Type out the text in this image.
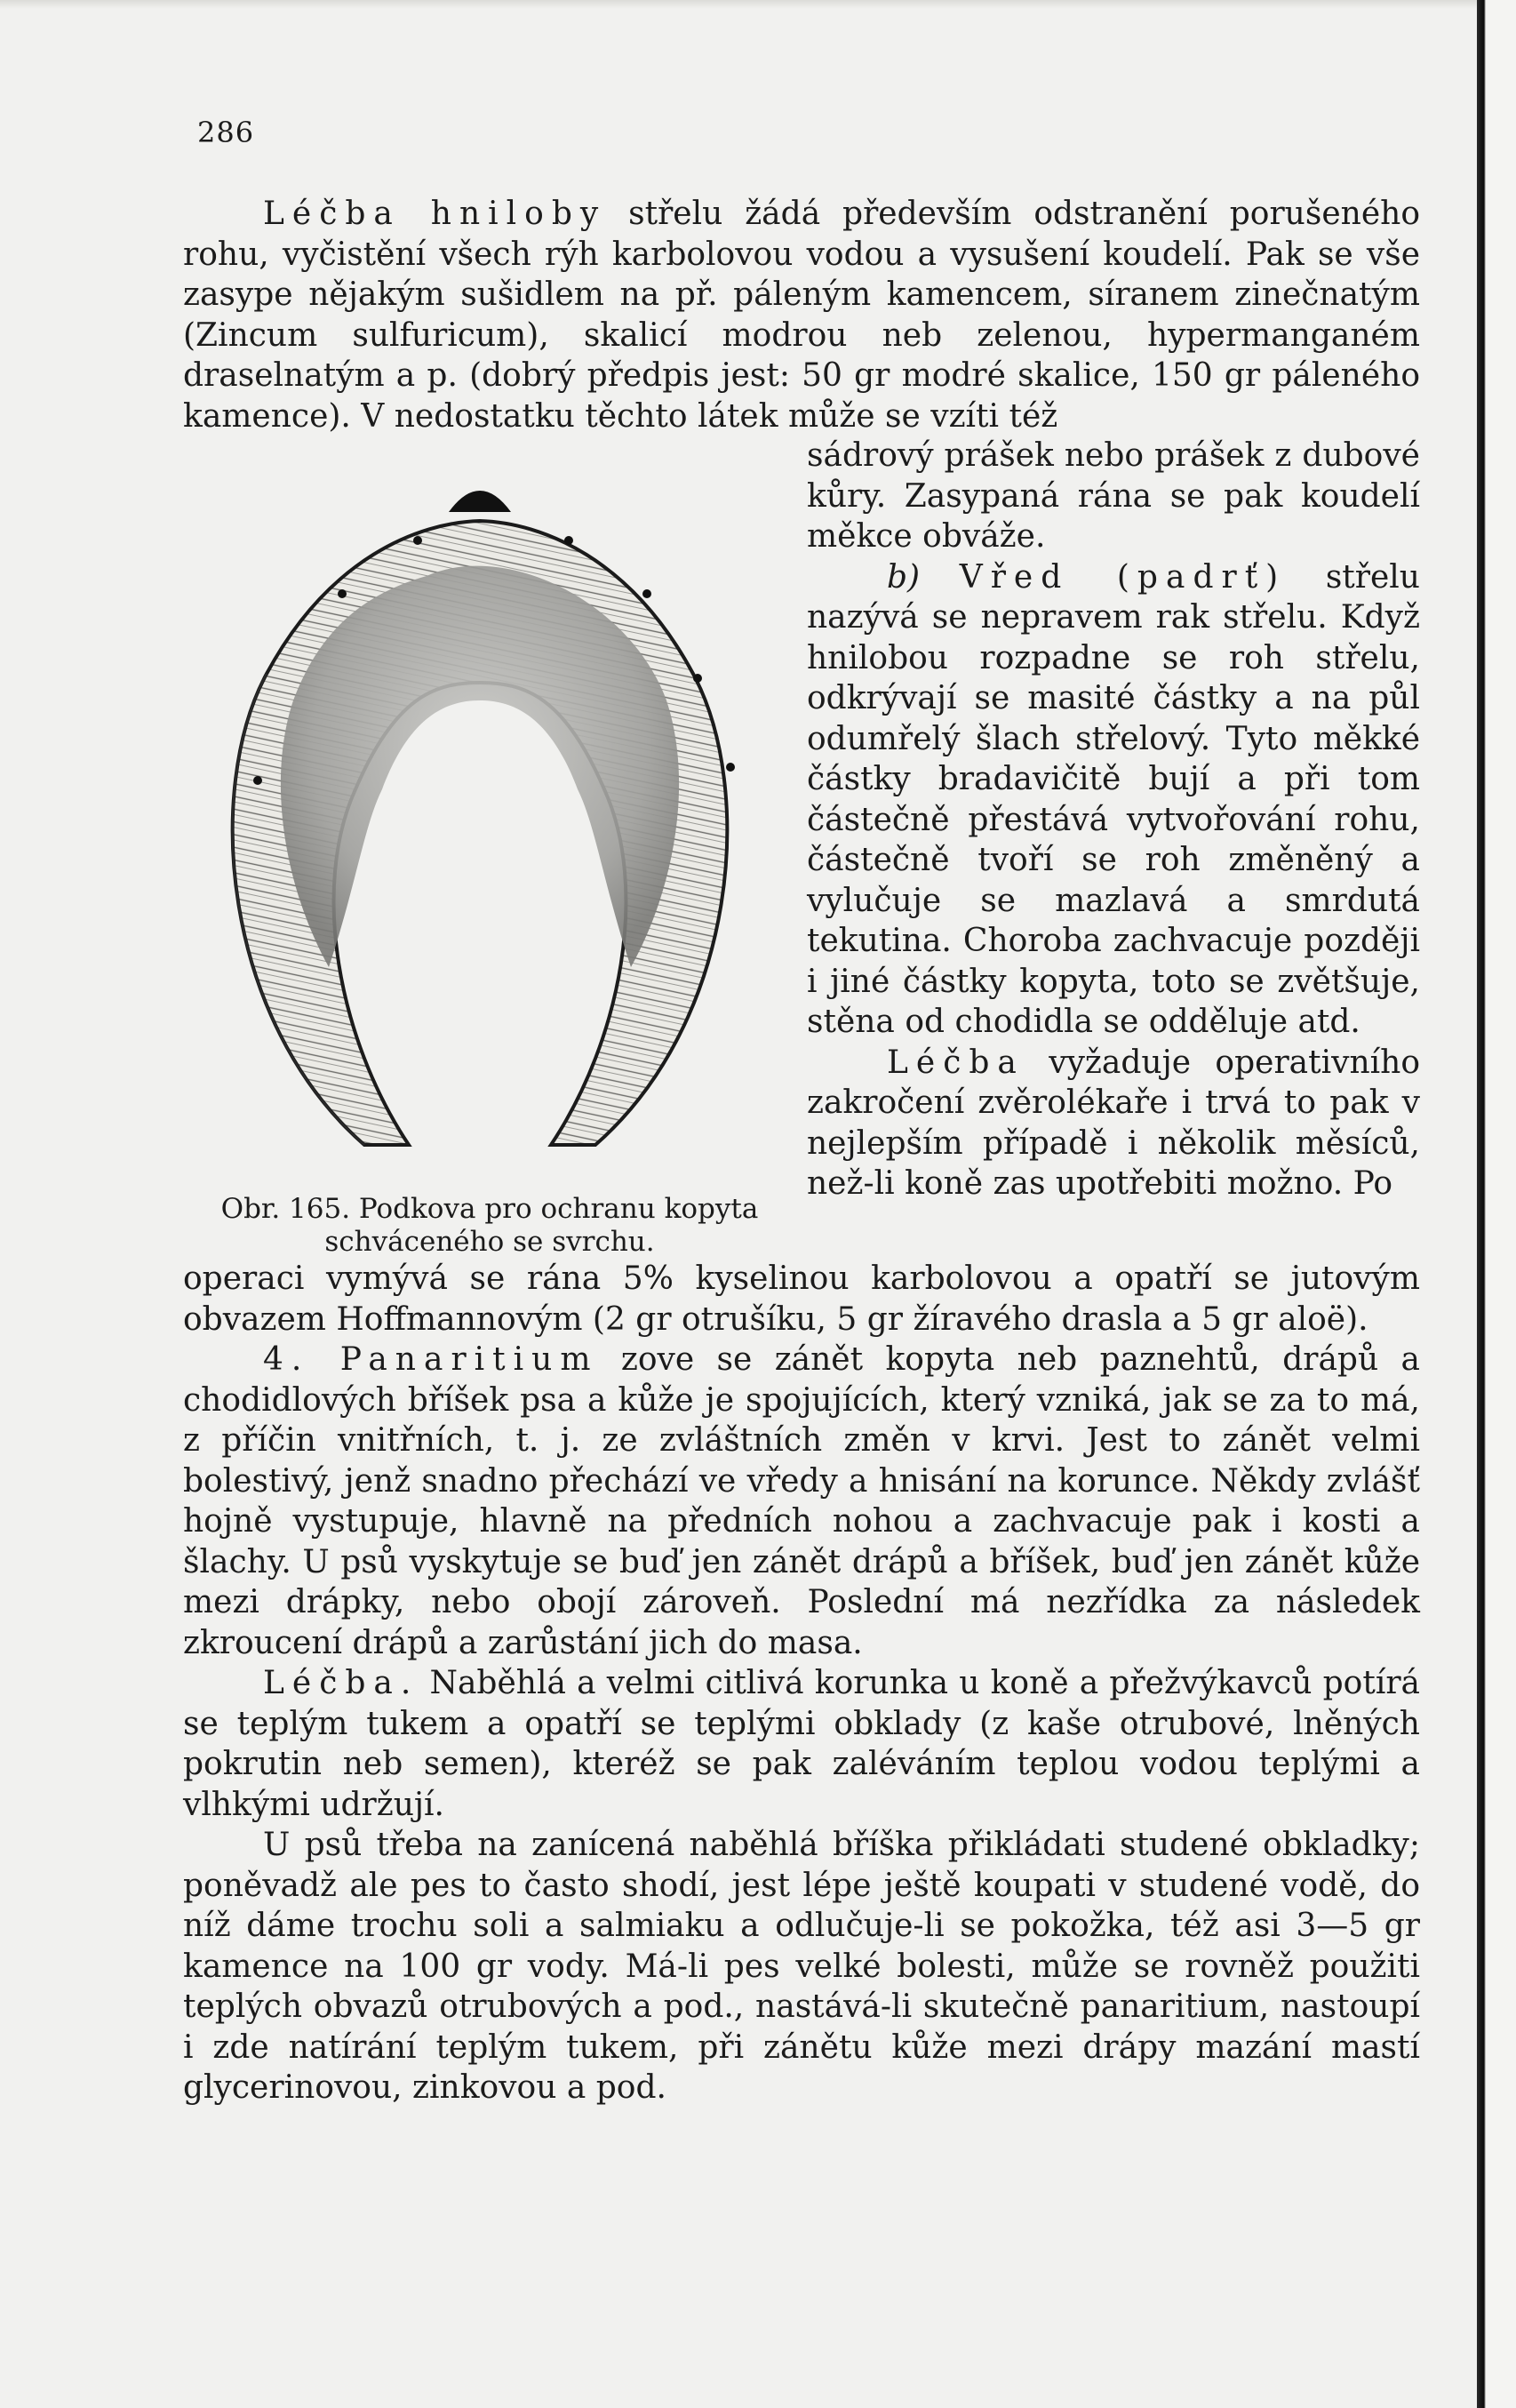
286

Léčba hniloby střelu žádá především odstranění porušeného rohu, vyčistění všech rýh karbolovou vodou a vysušení koudelí. Pak se vše zasype nějakým sušidlem na př. páleným kamencem, síranem zinečnatým (Zincum sulfuricum), skalicí modrou neb zelenou, hypermanganém draselnatým a p. (dobrý předpis jest: 50 gr modré skalice, 150 gr páleného kamence). V nedostatku těchto látek může se vzíti též

Obr. 165. Podkova pro ochranu kopyta
schváceného se svrchu.

sádrový prášek nebo prášek z dubové kůry. Zasypaná rána se pak koudelí měkce obváže.

b) Vřed (padrť) střelu nazývá se nepravem rak střelu. Když hnilobou rozpadne se roh střelu, odkrývají se masité částky a na půl odumřelý šlach střelový. Tyto měkké částky bradavičitě bují a při tom částečně přestává vytvořování rohu, částečně tvoří se roh změněný a vylučuje se mazlavá a smrdutá tekutina. Choroba zachvacuje později i jiné částky kopyta, toto se zvětšuje, stěna od chodidla se odděluje atd.

Léčba vyžaduje operativního zakročení zvěrolékaře i trvá to pak v nejlepším případě i několik měsíců, než-li koně zas upotřebiti možno. Po

operaci vymývá se rána 5% kyselinou karbolovou a opatří se jutovým obvazem Hoffmannovým (2 gr otrušíku, 5 gr žíravého drasla a 5 gr aloë).

4. Panaritium zove se zánět kopyta neb paznehtů, drápů a chodidlových bříšek psa a kůže je spojujících, který vzniká, jak se za to má, z příčin vnitřních, t. j. ze zvláštních změn v krvi. Jest to zánět velmi bolestivý, jenž snadno přechází ve vředy a hnisání na korunce. Někdy zvlášť hojně vystupuje, hlavně na předních nohou a zachvacuje pak i kosti a šlachy. U psů vyskytuje se buď jen zánět drápů a bříšek, buď jen zánět kůže mezi drápky, nebo obojí zároveň. Poslední má nezřídka za následek zkroucení drápů a zarůstání jich do masa.

Léčba. Naběhlá a velmi citlivá korunka u koně a přežvýkavců potírá se teplým tukem a opatří se teplými obklady (z kaše otrubové, lněných pokrutin neb semen), kteréž se pak zaléváním teplou vodou teplými a vlhkými udržují.

U psů třeba na zanícená naběhlá bříška přikládati studené obkladky; poněvadž ale pes to často shodí, jest lépe ještě koupati v studené vodě, do níž dáme trochu soli a salmiaku a odlučuje-li se pokožka, též asi 3—5 gr kamence na 100 gr vody. Má-li pes velké bolesti, může se rovněž použiti teplých obvazů otrubových a pod., nastává-li skutečně panaritium, nastoupí i zde natírání teplým tukem, při zánětu kůže mezi drápy mazání mastí glycerinovou, zinkovou a pod.
